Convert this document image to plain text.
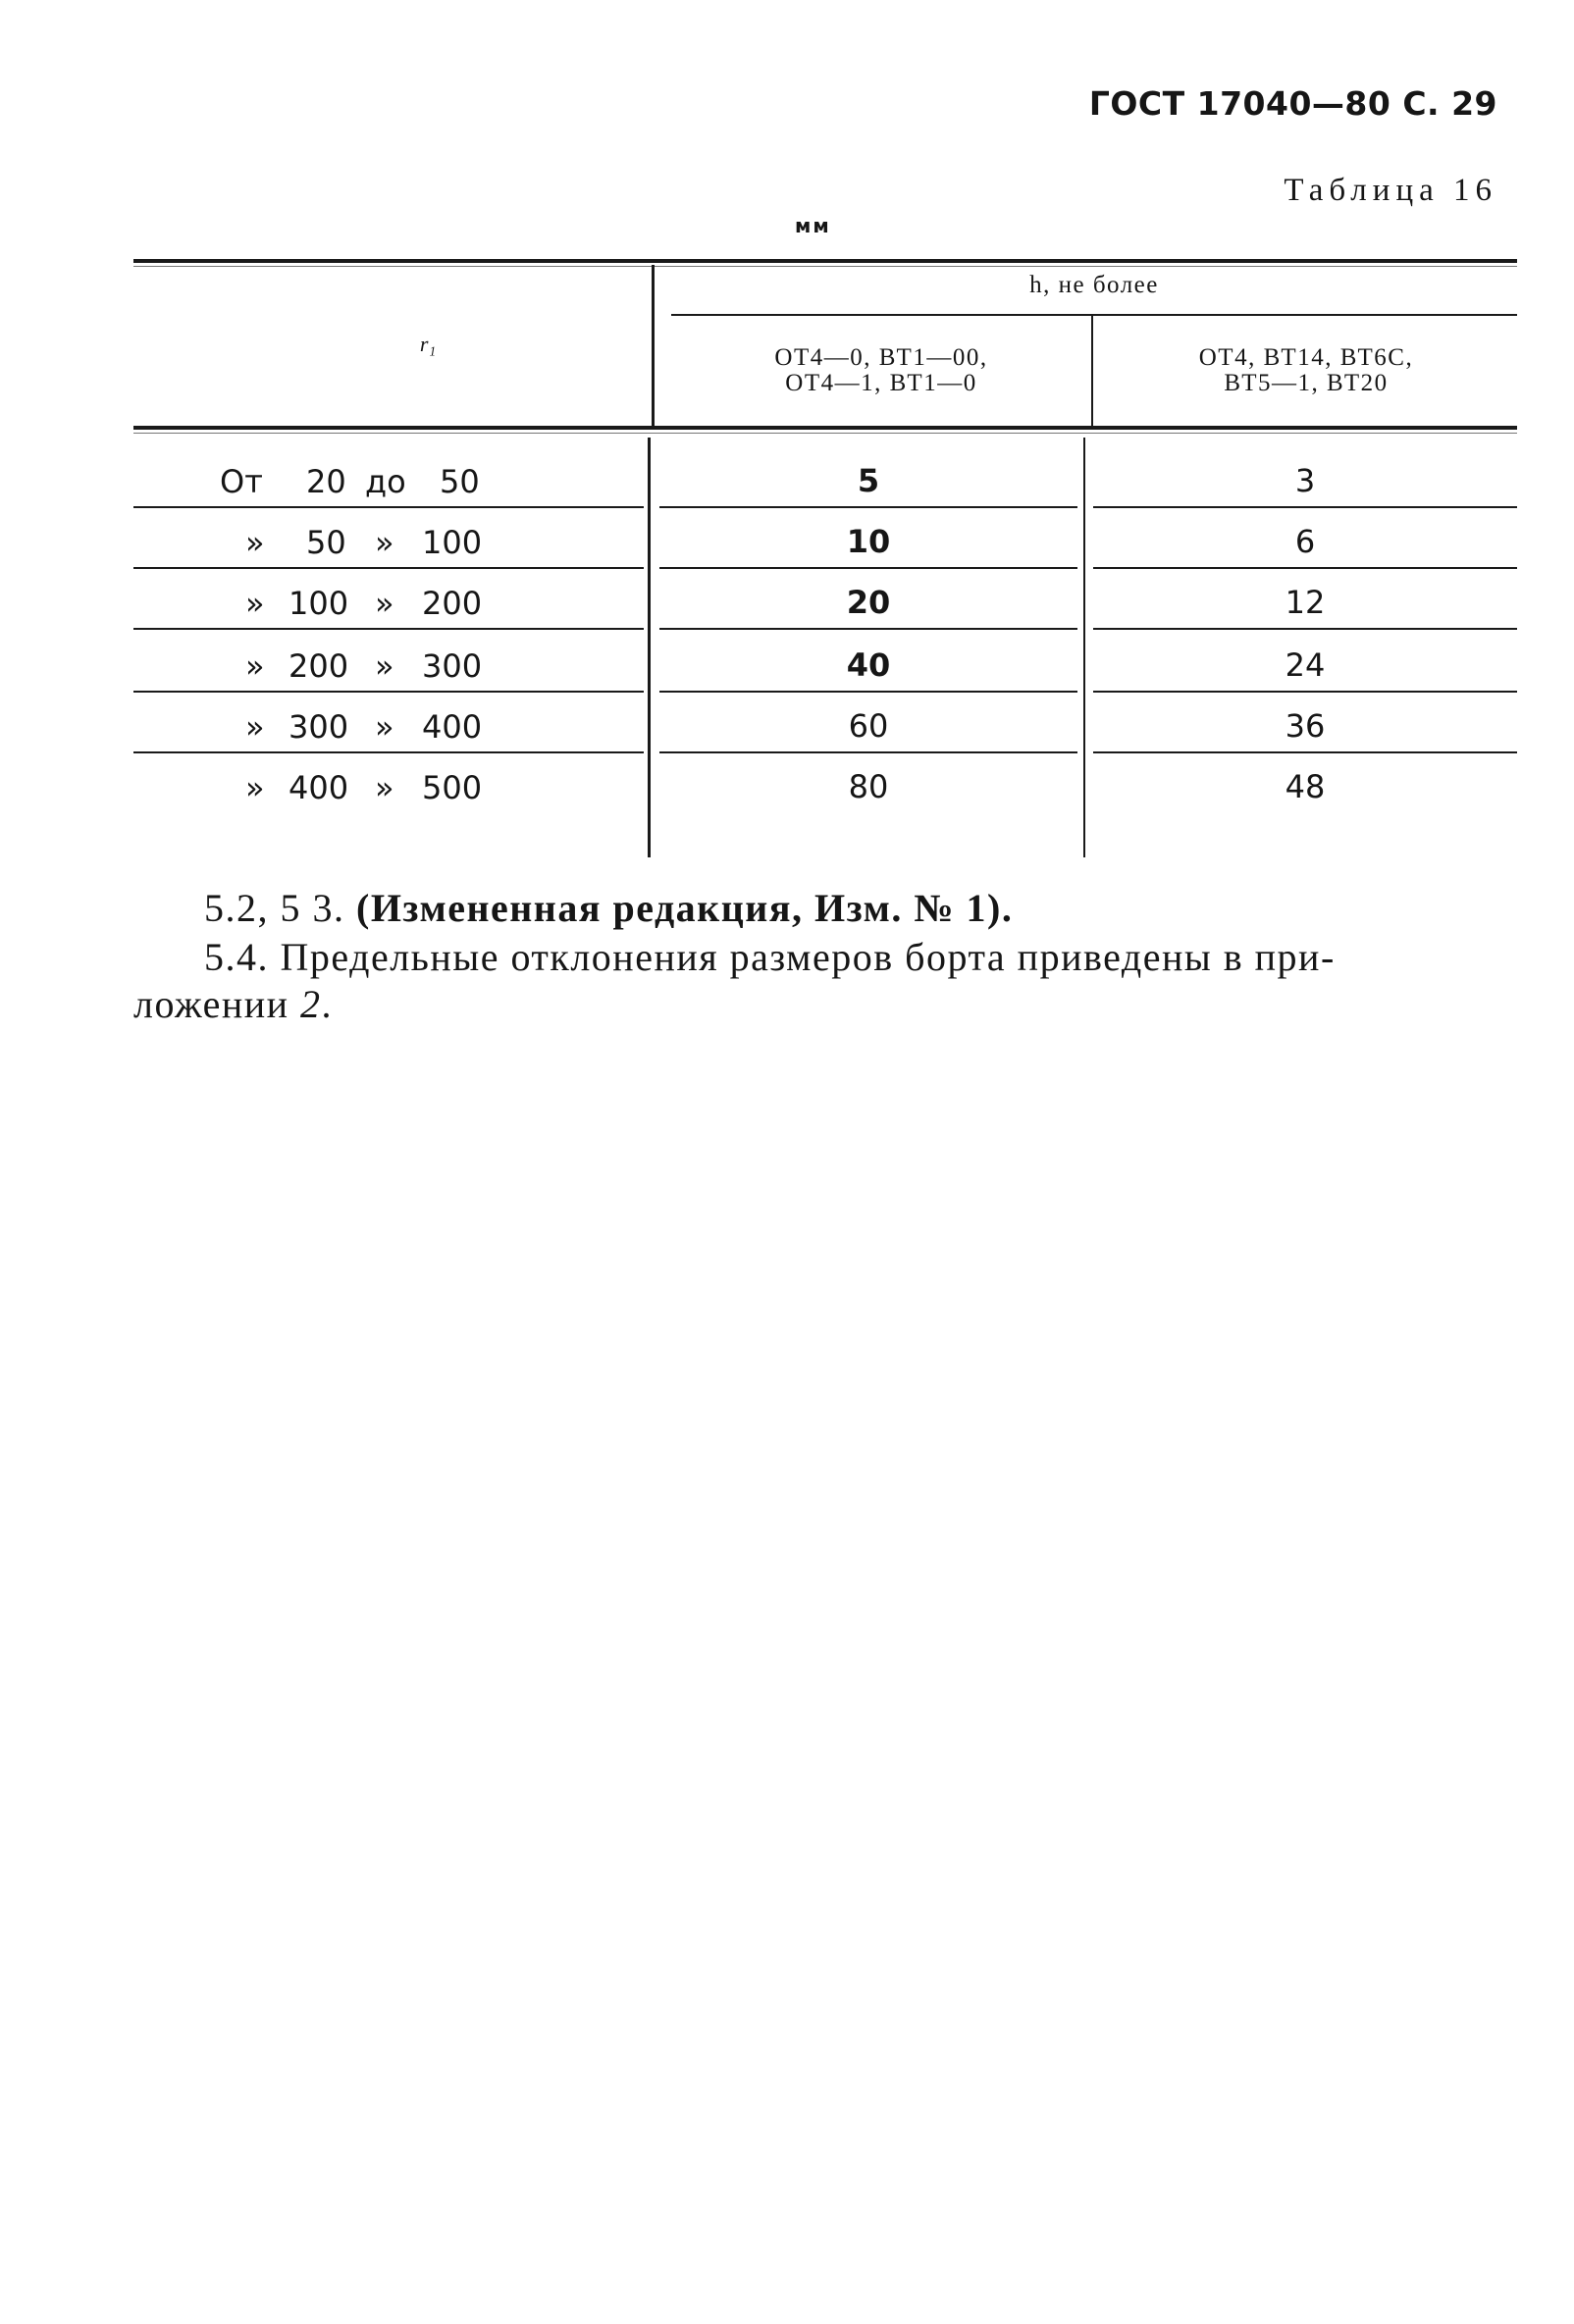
ГОСТ 17040—80 С. 29
Таблица 16
мм
r₁
h, не более
ОТ4—0, ВТ1—00,
ОТ4—1, ВТ1—0
ОТ4, ВТ14, ВТ6С,
ВТ5—1, ВТ20
От 20 до 50	5	3
» 50 » 100	10	6
» 100 » 200	20	12
» 200 » 300	40	24
» 300 » 400	60	36
» 400 » 500	80	48
5.2, 5 3. (Измененная редакция, Изм. № 1).
5.4. Предельные отклонения размеров борта приведены в при-
ложении 2.
